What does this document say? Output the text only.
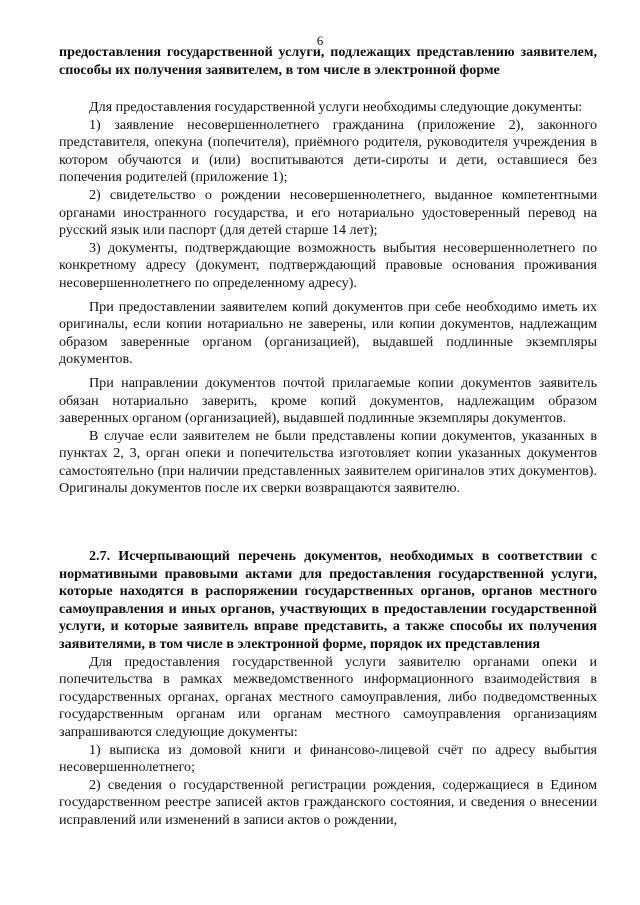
6
предоставления государственной услуги, подлежащих представлению заявителем, способы их получения заявителем, в том числе в электронной форме

Для предоставления государственной услуги необходимы следующие документы:

1) заявление несовершеннолетнего гражданина (приложение 2), законного представителя, опекуна (попечителя), приёмного родителя, руководителя учреждения в котором обучаются и (или) воспитываются дети-сироты и дети, оставшиеся без попечения родителей (приложение 1);

2) свидетельство о рождении несовершеннолетнего, выданное компетентными органами иностранного государства, и его нотариально удостоверенный перевод на русский язык или паспорт (для детей старше 14 лет);

3) документы, подтверждающие возможность выбытия несовершеннолетнего по конкретному адресу (документ, подтверждающий правовые основания проживания несовершеннолетнего по определенному адресу).

При предоставлении заявителем копий документов при себе необходимо иметь их оригиналы, если копии нотариально не заверены, или копии документов, надлежащим образом заверенные органом (организацией), выдавшей подлинные экземпляры документов.

При направлении документов почтой прилагаемые копии документов заявитель обязан нотариально заверить, кроме копий документов, надлежащим образом заверенных органом (организацией), выдавшей подлинные экземпляры документов.

В случае если заявителем не были представлены копии документов, указанных в пунктах 2, 3, орган опеки и попечительства изготовляет копии указанных документов самостоятельно (при наличии представленных заявителем оригиналов этих документов). Оригиналы документов после их сверки возвращаются заявителю.

2.7. Исчерпывающий перечень документов, необходимых в соответствии с нормативными правовыми актами для предоставления государственной услуги, которые находятся в распоряжении государственных органов, органов местного самоуправления и иных органов, участвующих в предоставлении государственной услуги, и которые заявитель вправе представить, а также способы их получения заявителями, в том числе в электронной форме, порядок их представления

Для предоставления государственной услуги заявителю органами опеки и попечительства в рамках межведомственного информационного взаимодействия в государственных органах, органах местного самоуправления, либо подведомственных государственным органам или органам местного самоуправления организациям запрашиваются следующие документы:

1) выписка из домовой книги и финансово-лицевой счёт по адресу выбытия несовершеннолетнего;

2) сведения о государственной регистрации рождения, содержащиеся в Едином государственном реестре записей актов гражданского состояния, и сведения о внесении исправлений или изменений в записи актов о рождении,
